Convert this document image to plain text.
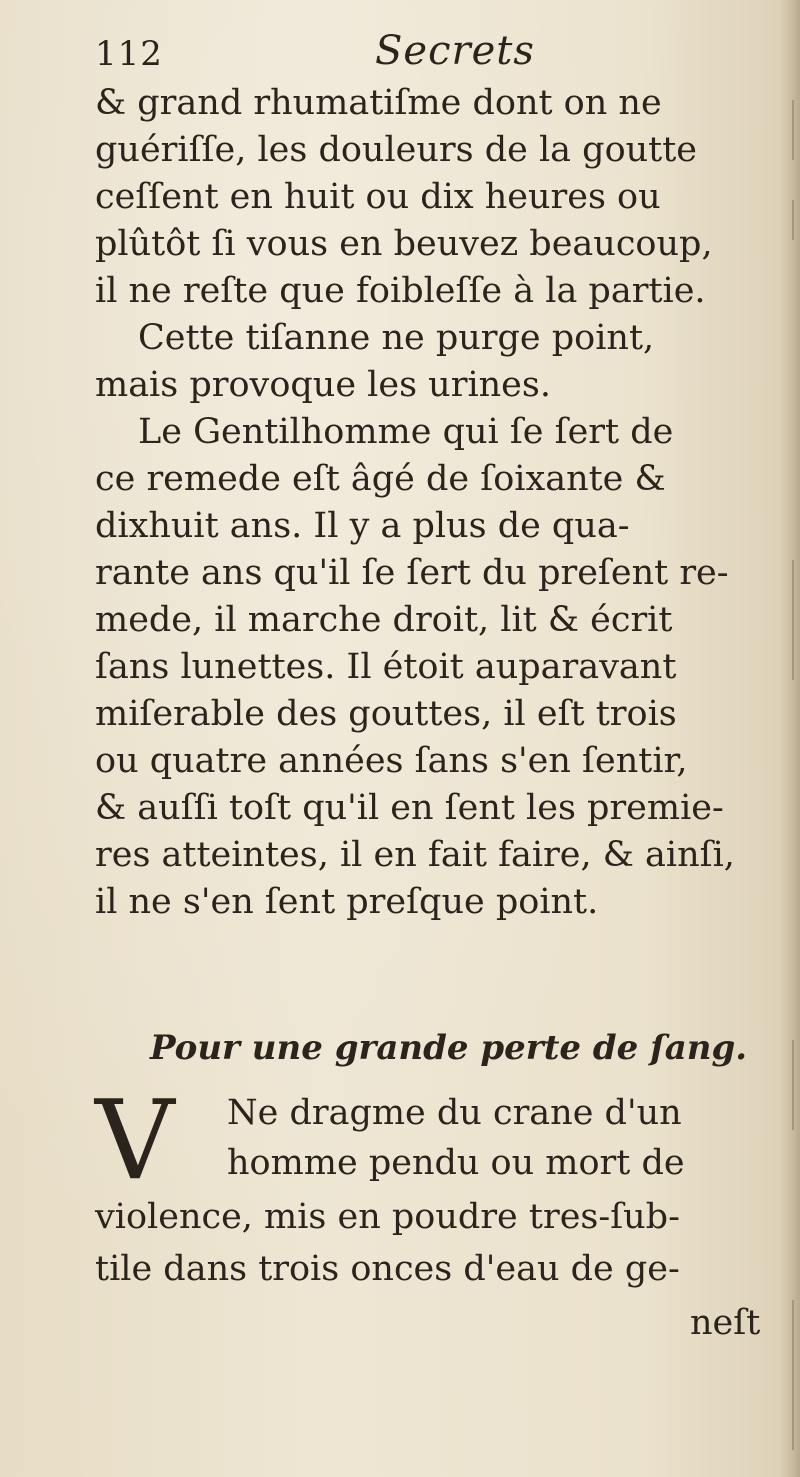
112	Secrets
& grand rhumatiſme dont on ne
guériſſe, les douleurs de la goutte
ceſſent en huit ou dix heures ou
plûtôt ſi vous en beuvez beaucoup,
il ne reſte que foibleſſe à la partie.
Cette tiſanne ne purge point,
mais provoque les urines.
Le Gentilhomme qui ſe ſert de
ce remede eſt âgé de ſoixante &
dixhuit ans. Il y a plus de qua-
rante ans qu'il ſe ſert du preſent re-
mede, il marche droit, lit & écrit
ſans lunettes. Il étoit auparavant
miſerable des gouttes, il eſt trois
ou quatre années ſans s'en ſentir,
& auſſi toſt qu'il en ſent les premie-
res atteintes, il en fait faire, & ainſi,
il ne s'en ſent preſque point.
Pour une grande perte de ſang.
V Ne dragme du crane d'un
homme pendu ou mort de
violence, mis en poudre tres-ſub-
tile dans trois onces d'eau de ge-
neſt
